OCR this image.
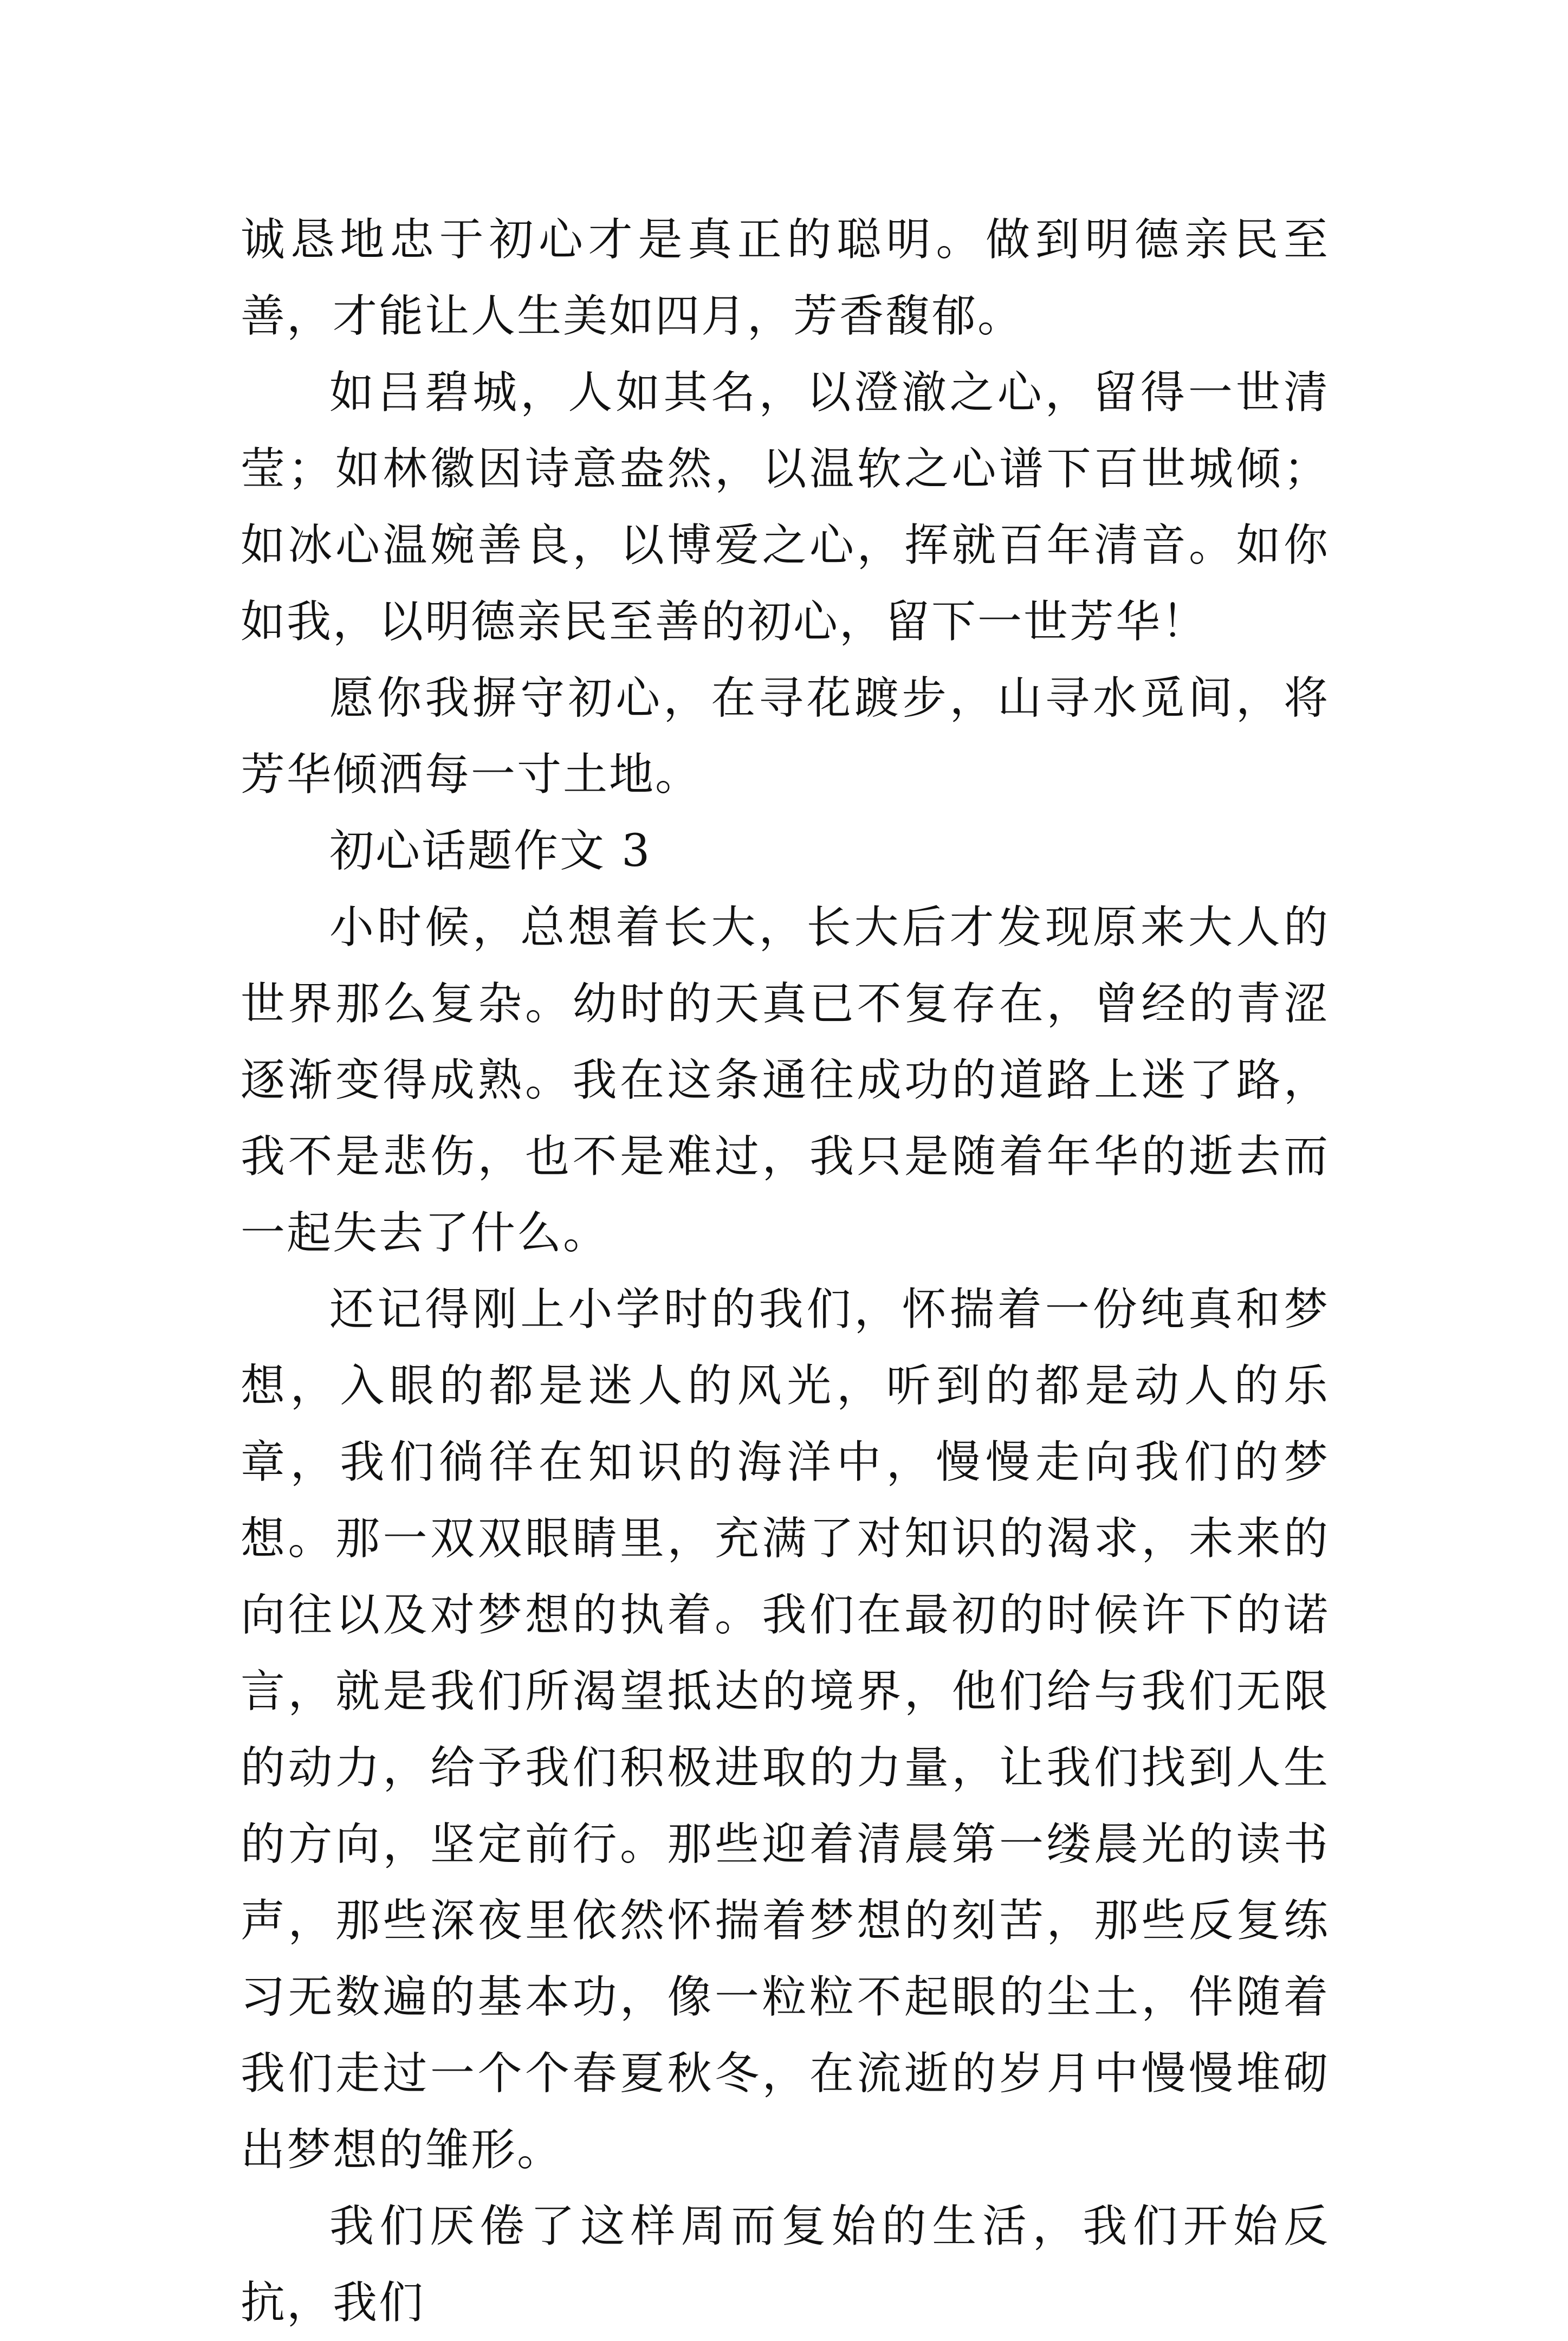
诚恳地忠于初心才是真正的聪明。做到明德亲民至善，才能让人生美如四月，芳香馥郁。

如吕碧城，人如其名，以澄澈之心，留得一世清莹；如林徽因诗意盎然，以温软之心谱下百世城倾；如冰心温婉善良，以博爱之心，挥就百年清音。如你如我，以明德亲民至善的初心，留下一世芳华！

愿你我摒守初心，在寻花踱步，山寻水觅间，将芳华倾洒每一寸土地。

初心话题作文 3

小时候，总想着长大，长大后才发现原来大人的世界那么复杂。幼时的天真已不复存在，曾经的青涩逐渐变得成熟。我在这条通往成功的道路上迷了路，我不是悲伤，也不是难过，我只是随着年华的逝去而一起失去了什么。

还记得刚上小学时的我们，怀揣着一份纯真和梦想，入眼的都是迷人的风光，听到的都是动人的乐章，我们徜徉在知识的海洋中，慢慢走向我们的梦想。那一双双眼睛里，充满了对知识的渴求，未来的向往以及对梦想的执着。我们在最初的时候许下的诺言，就是我们所渴望抵达的境界，他们给与我们无限的动力，给予我们积极进取的力量，让我们找到人生的方向，坚定前行。那些迎着清晨第一缕晨光的读书声，那些深夜里依然怀揣着梦想的刻苦，那些反复练习无数遍的基本功，像一粒粒不起眼的尘土，伴随着我们走过一个个春夏秋冬，在流逝的岁月中慢慢堆砌出梦想的雏形。

我们厌倦了这样周而复始的生活，我们开始反抗，我们
